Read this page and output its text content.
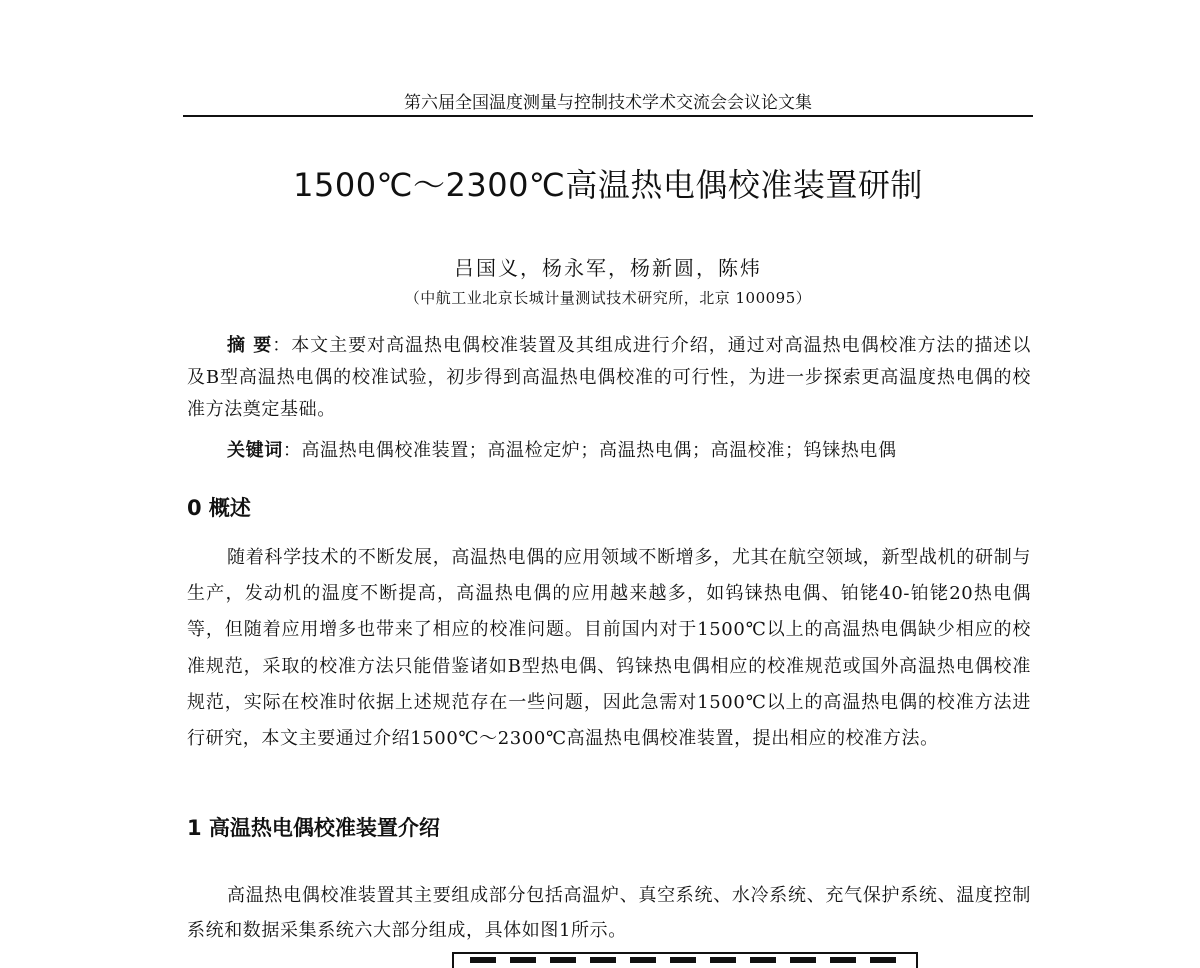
第六届全国温度测量与控制技术学术交流会会议论文集
1500℃～2300℃高温热电偶校准装置研制
吕国义，杨永军，杨新圆，陈炜
（中航工业北京长城计量测试技术研究所，北京 100095）
摘 要：本文主要对高温热电偶校准装置及其组成进行介绍，通过对高温热电偶校准方法的描述以及B型高温热电偶的校准试验，初步得到高温热电偶校准的可行性，为进一步探索更高温度热电偶的校准方法奠定基础。
关键词：高温热电偶校准装置；高温检定炉；高温热电偶；高温校准；钨铼热电偶
0 概述
随着科学技术的不断发展，高温热电偶的应用领域不断增多，尤其在航空领域，新型战机的研制与生产，发动机的温度不断提高，高温热电偶的应用越来越多，如钨铼热电偶、铂铑40-铂铑20热电偶等，但随着应用增多也带来了相应的校准问题。目前国内对于1500℃以上的高温热电偶缺少相应的校准规范，采取的校准方法只能借鉴诸如B型热电偶、钨铼热电偶相应的校准规范或国外高温热电偶校准规范，实际在校准时依据上述规范存在一些问题，因此急需对1500℃以上的高温热电偶的校准方法进行研究，本文主要通过介绍1500℃～2300℃高温热电偶校准装置，提出相应的校准方法。
1 高温热电偶校准装置介绍
高温热电偶校准装置其主要组成部分包括高温炉、真空系统、水冷系统、充气保护系统、温度控制系统和数据采集系统六大部分组成，具体如图1所示。
